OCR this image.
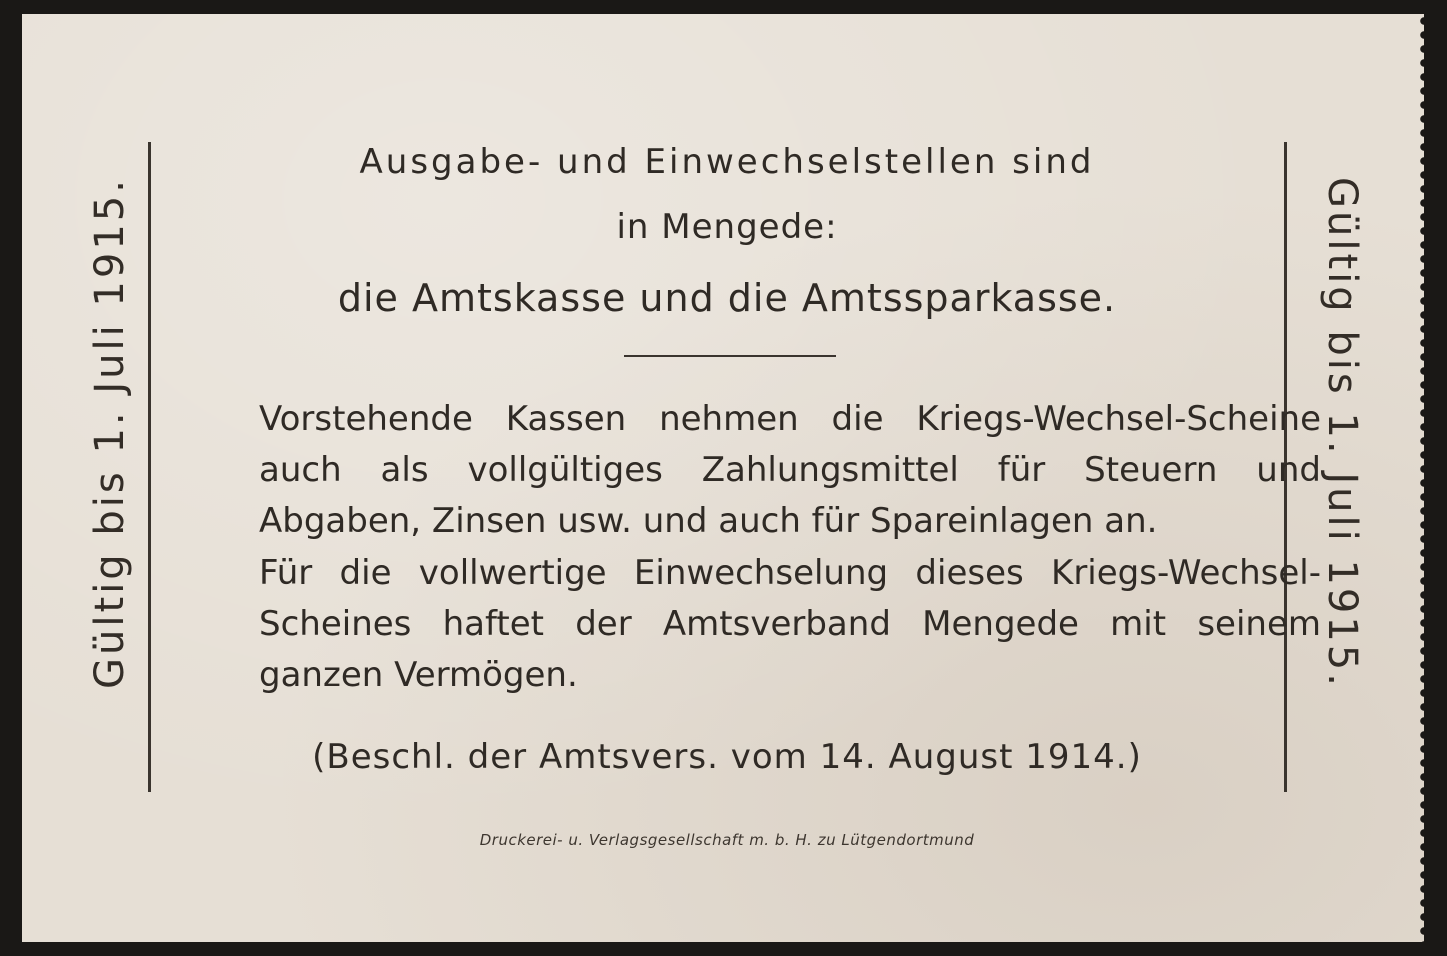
Gültig bis 1. Juli 1915.	Gültig bis 1. Juli 1915.
Ausgabe- und Einwechselstellen sind
in Mengede:
die Amtskasse und die Amtssparkasse.
Vorstehende Kassen nehmen die Kriegs-Wechsel-Scheine auch als vollgültiges Zahlungsmittel für Steuern und Abgaben, Zinsen usw. und auch für Spareinlagen an.
Für die vollwertige Einwechselung dieses Kriegs-Wechsel-Scheines haftet der Amtsverband Mengede mit seinem ganzen Vermögen.
(Beschl. der Amtsvers. vom 14. August 1914.)
Druckerei- u. Verlagsgesellschaft m. b. H. zu Lütgendortmund
